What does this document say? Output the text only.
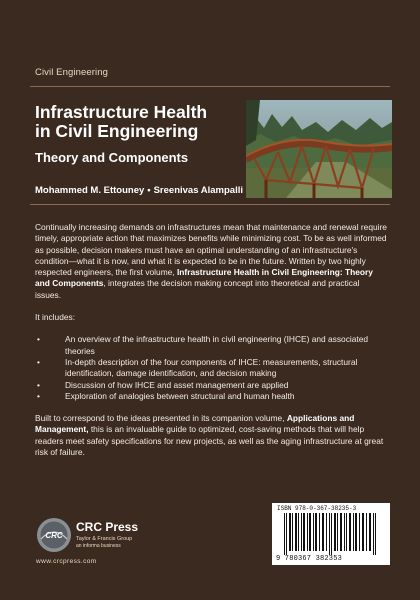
Civil Engineering
Infrastructure Health
in Civil Engineering
Theory and Components
Mohammed M. Ettouney • Sreenivas Alampalli

Continually increasing demands on infrastructures mean that maintenance and renewal require timely, appropriate action that maximizes benefits while minimizing cost. To be as well informed as possible, decision makers must have an optimal understanding of an infrastructure's condition—what it is now, and what it is expected to be in the future. Written by two highly respected engineers, the first volume, Infrastructure Health in Civil Engineering: Theory and Components, integrates the decision making concept into theoretical and practical issues.

It includes:

• An overview of the infrastructure health in civil engineering (IHCE) and associated theories
• In-depth description of the four components of IHCE: measurements, structural identification, damage identification, and decision making
• Discussion of how IHCE and asset management are applied
• Exploration of analogies between structural and human health

Built to correspond to the ideas presented in its companion volume, Applications and Management, this is an invaluable guide to optimized, cost-saving methods that will help readers meet safety specifications for new projects, as well as the aging infrastructure at great risk of failure.

CRC
CRC Press
Taylor & Francis Group
an informa business
www.crcpress.com
ISBN 978-0-367-38235-3
9 780367 382353
